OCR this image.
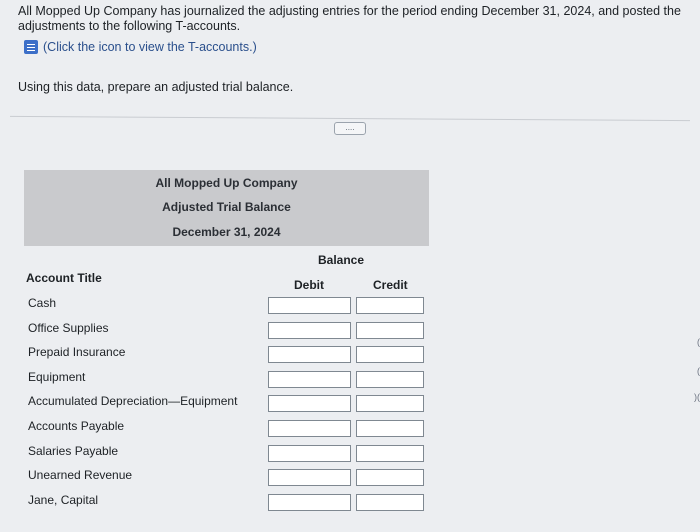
All Mopped Up Company has journalized the adjusting entries for the period ending December 31, 2024, and posted the
adjustments to the following T-accounts.
(Click the icon to view the T-accounts.)
Using this data, prepare an adjusted trial balance.
....
All Mopped Up Company
Adjusted Trial Balance
December 31, 2024
Balance
Account Title	Debit	Credit
Cash
Office Supplies
Prepaid Insurance
Equipment
Accumulated Depreciation—Equipment
Accounts Payable
Salaries Payable
Unearned Revenue
Jane, Capital
(
(
)(
